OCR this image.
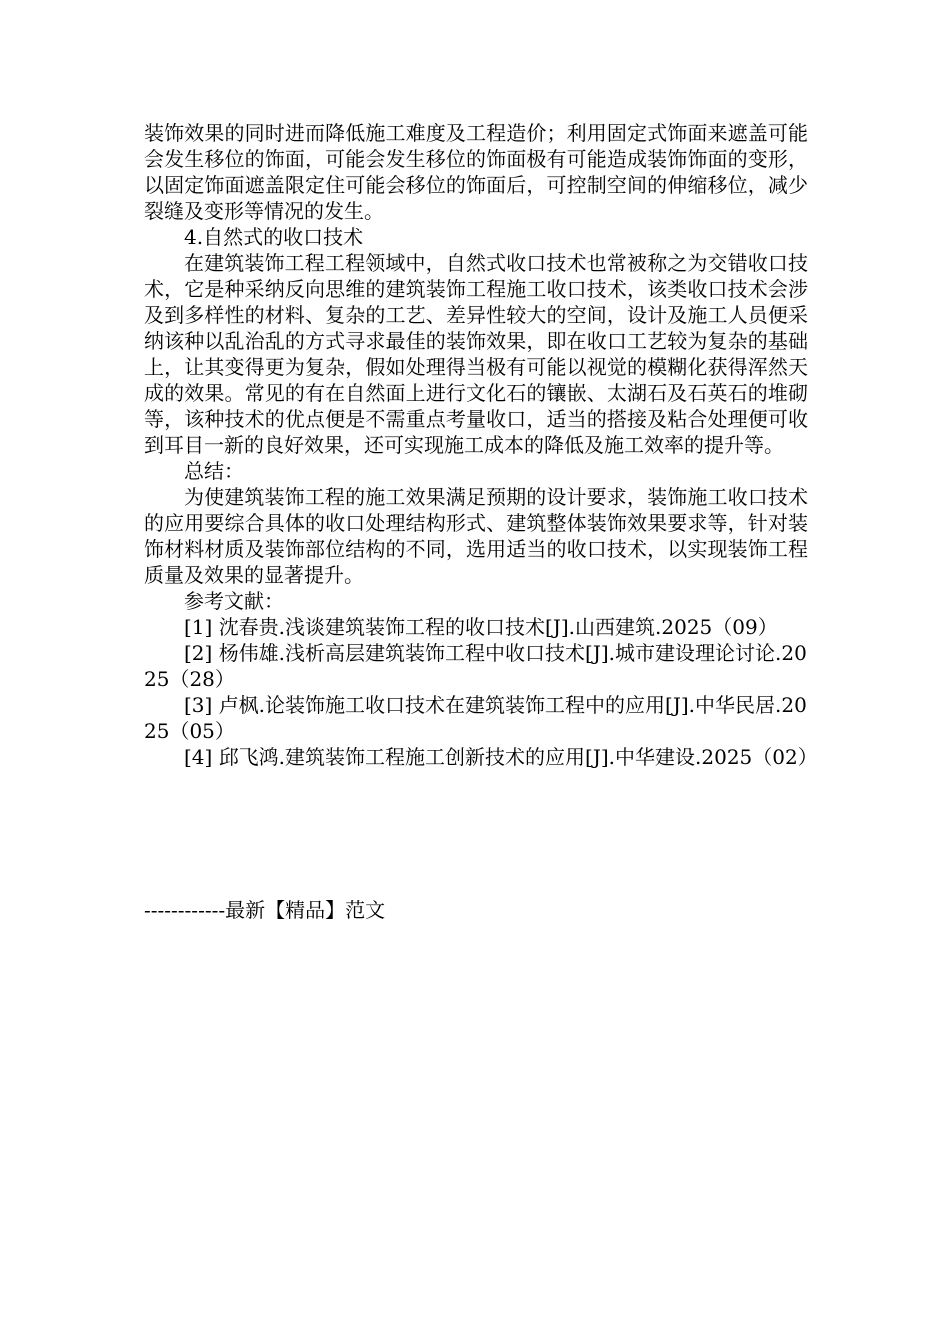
装饰效果的同时进而降低施工难度及工程造价；利用固定式饰面来遮盖可能会发生移位的饰面，可能会发生移位的饰面极有可能造成装饰饰面的变形，以固定饰面遮盖限定住可能会移位的饰面后，可控制空间的伸缩移位，减少裂缝及变形等情况的发生。

4.自然式的收口技术

在建筑装饰工程工程领域中，自然式收口技术也常被称之为交错收口技术，它是种采纳反向思维的建筑装饰工程施工收口技术，该类收口技术会涉及到多样性的材料、复杂的工艺、差异性较大的空间，设计及施工人员便采纳该种以乱治乱的方式寻求最佳的装饰效果，即在收口工艺较为复杂的基础上，让其变得更为复杂，假如处理得当极有可能以视觉的模糊化获得浑然天成的效果。常见的有在自然面上进行文化石的镶嵌、太湖石及石英石的堆砌等，该种技术的优点便是不需重点考量收口，适当的搭接及粘合处理便可收到耳目一新的良好效果，还可实现施工成本的降低及施工效率的提升等。

总结：

为使建筑装饰工程的施工效果满足预期的设计要求，装饰施工收口技术的应用要综合具体的收口处理结构形式、建筑整体装饰效果要求等，针对装饰材料材质及装饰部位结构的不同，选用适当的收口技术，以实现装饰工程质量及效果的显著提升。

参考文献：

[1] 沈春贵.浅谈建筑装饰工程的收口技术[J].山西建筑.2025（09）

[2] 杨伟雄.浅析高层建筑装饰工程中收口技术[J].城市建设理论讨论.2025（28）

[3] 卢枫.论装饰施工收口技术在建筑装饰工程中的应用[J].中华民居.2025（05）

[4] 邱飞鸿.建筑装饰工程施工创新技术的应用[J].中华建设.2025（02）

------------最新【精品】范文
